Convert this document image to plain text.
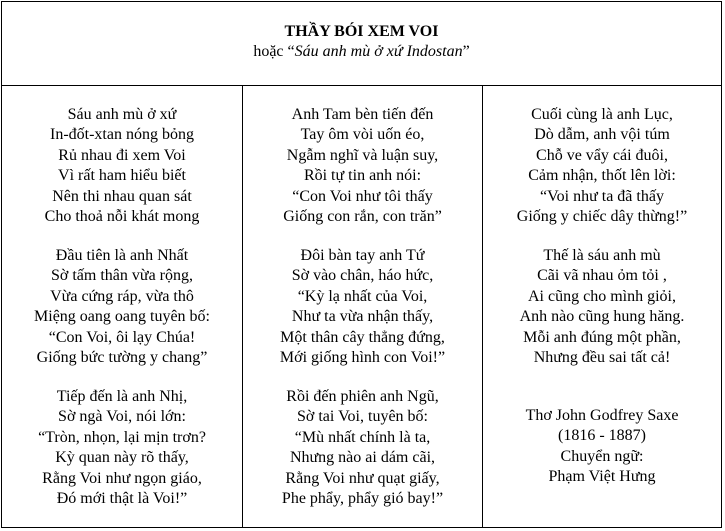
THẦY BÓI XEM VOI
hoặc “Sáu anh mù ở xứ Indostan”
Sáu anh mù ở xứ
In-đốt-xtan nóng bỏng
Rủ nhau đi xem Voi
Vì rất ham hiểu biết
Nên thi nhau quan sát
Cho thoả nỗi khát mong
Đầu tiên là anh Nhất
Sờ tấm thân vừa rộng,
Vừa cứng ráp, vừa thô
Miệng oang oang tuyên bố:
“Con Voi, ôi lạy Chúa!
Giống bức tường y chang”
Tiếp đến là anh Nhị,
Sờ ngà Voi, nói lớn:
“Tròn, nhọn, lại mịn trơn?
Kỳ quan này rõ thấy,
Rằng Voi như ngọn giáo,
Đó mới thật là Voi!”
Anh Tam bèn tiến đến
Tay ôm vòi uốn éo,
Ngẫm nghĩ và luận suy,
Rồi tự tin anh nói:
“Con Voi như tôi thấy
Giống con rắn, con trăn”
Đôi bàn tay anh Tứ
Sờ vào chân, háo hức,
“Kỳ lạ nhất của Voi,
Như ta vừa nhận thấy,
Một thân cây thẳng đứng,
Mới giống hình con Voi!”
Rồi đến phiên anh Ngũ,
Sờ tai Voi, tuyên bố:
“Mù nhất chính là ta,
Nhưng nào ai dám cãi,
Rằng Voi như quạt giấy,
Phe phẩy, phẩy gió bay!”
Cuối cùng là anh Lục,
Dò dẫm, anh vội túm
Chỗ ve vẩy cái đuôi,
Cảm nhận, thốt lên lời:
“Voi như ta đã thấy
Giống y chiếc dây thừng!”
Thế là sáu anh mù
Cãi vã nhau ỏm tỏi ,
Ai cũng cho mình giỏi,
Anh nào cũng hung hăng.
Mỗi anh đúng một phần,
Nhưng đều sai tất cả!
Thơ John Godfrey Saxe
(1816 - 1887)
Chuyển ngữ:
Phạm Việt Hưng
